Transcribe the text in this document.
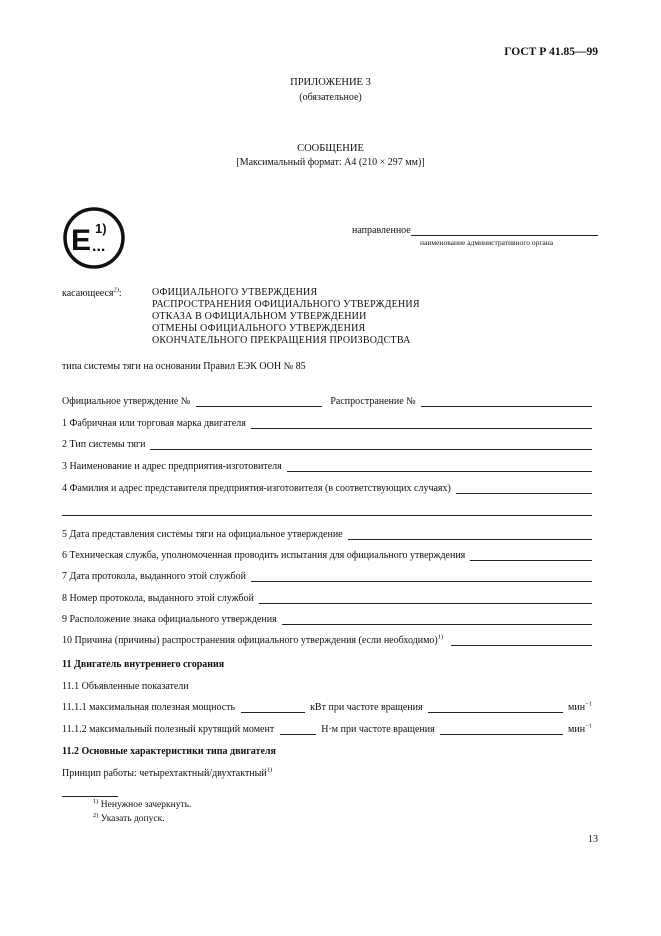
ГОСТ Р 41.85—99
ПРИЛОЖЕНИЕ 3
(обязательное)
СООБЩЕНИЕ
[Максимальный формат: А4 (210 × 297 мм)]
E ...
1)	направленное
наименование административного органа
касающееся$^{2)}$:	ОФИЦИАЛЬНОГО УТВЕРЖДЕНИЯ
РАСПРОСТРАНЕНИЯ ОФИЦИАЛЬНОГО УТВЕРЖДЕНИЯ
ОТКАЗА В ОФИЦИАЛЬНОМ УТВЕРЖДЕНИИ
ОТМЕНЫ ОФИЦИАЛЬНОГО УТВЕРЖДЕНИЯ
ОКОНЧАТЕЛЬНОГО ПРЕКРАЩЕНИЯ ПРОИЗВОДСТВА
типа системы тяги на основании Правил ЕЭК ООН № 85
Официальное утверждение №	Распространение №
1 Фабричная или торговая марка двигателя
2 Тип системы тяги
3 Наименование и адрес предприятия-изготовителя
4 Фамилия и адрес представителя предприятия-изготовителя (в соответствующих случаях)
5 Дата представления системы тяги на официальное утверждение
6 Техническая служба, уполномоченная проводить испытания для официального утверждения
7 Дата протокола, выданного этой службой
8 Номер протокола, выданного этой службой
9 Расположение знака официального утверждения
10 Причина (причины) распространения официального утверждения (если необходимо)$^{1)}$
11 Двигатель внутреннего сгорания
11.1 Объявленные показатели
11.1.1 максимальная полезная мощность	кВт при частоте вращения	мин$^{-1}$
11.1.2 максимальный полезный крутящий момент	Н·м при частоте вращения	мин$^{-1}$
11.2 Основные характеристики типа двигателя
Принцип работы: четырехтактный/двухтактный$^{1)}$
$^{1)}$ Ненужное зачеркнуть.
$^{2)}$ Указать допуск.
13
